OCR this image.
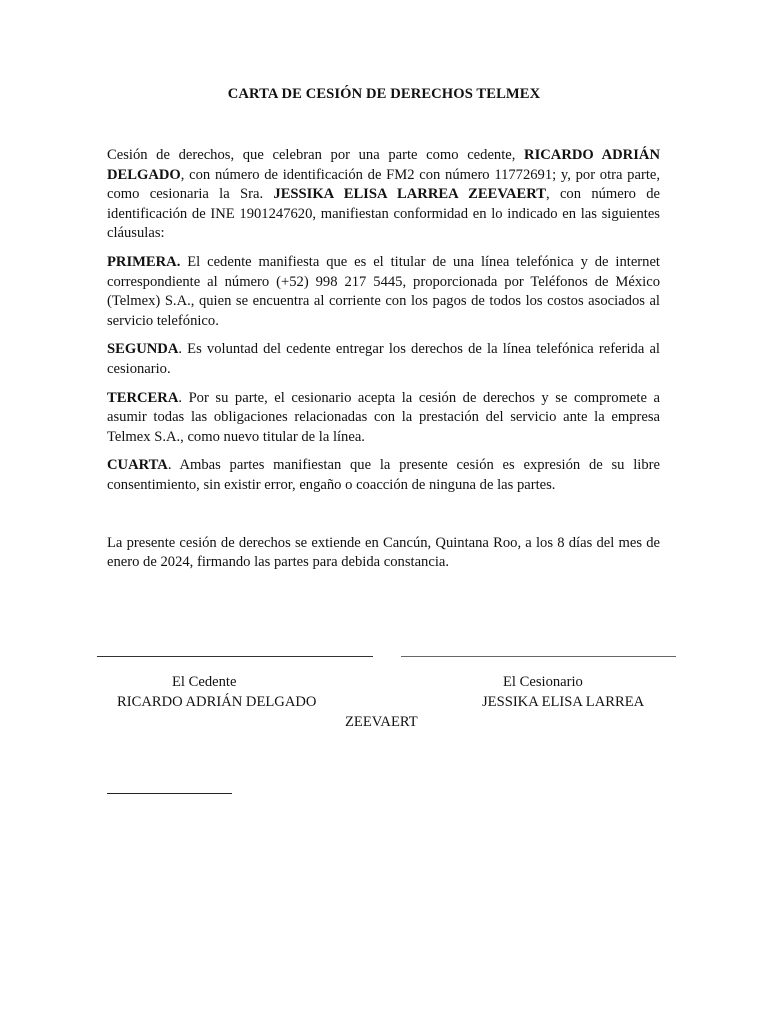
CARTA DE CESIÓN DE DERECHOS TELMEX

Cesión de derechos, que celebran por una parte como cedente, RICARDO ADRIÁN DELGADO, con número de identificación de FM2 con número 11772691; y, por otra parte, como cesionaria la Sra. JESSIKA ELISA LARREA ZEEVAERT, con número de identificación de INE 1901247620, manifiestan conformidad en lo indicado en las siguientes cláusulas:

PRIMERA. El cedente manifiesta que es el titular de una línea telefónica y de internet correspondiente al número (+52) 998 217 5445, proporcionada por Teléfonos de México (Telmex) S.A., quien se encuentra al corriente con los pagos de todos los costos asociados al servicio telefónico.

SEGUNDA. Es voluntad del cedente entregar los derechos de la línea telefónica referida al cesionario.

TERCERA. Por su parte, el cesionario acepta la cesión de derechos y se compromete a asumir todas las obligaciones relacionadas con la prestación del servicio ante la empresa Telmex S.A., como nuevo titular de la línea.

CUARTA. Ambas partes manifiestan que la presente cesión es expresión de su libre consentimiento, sin existir error, engaño o coacción de ninguna de las partes.

La presente cesión de derechos se extiende en Cancún, Quintana Roo, a los 8 días del mes de enero de 2024, firmando las partes para debida constancia.

El Cedente
RICARDO ADRIÁN DELGADO
El Cesionario
JESSIKA ELISA LARREA
ZEEVAERT
